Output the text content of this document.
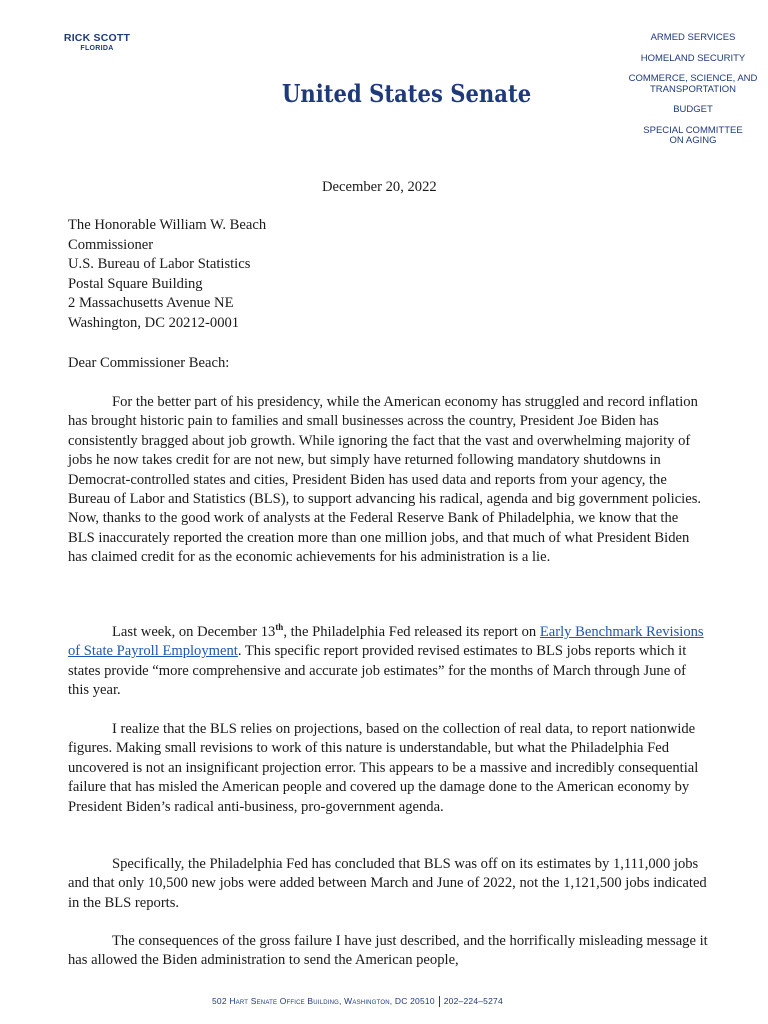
RICK SCOTT
FLORIDA
United States Senate
ARMED SERVICES
HOMELAND SECURITY
COMMERCE, SCIENCE, AND
TRANSPORTATION
BUDGET
SPECIAL COMMITTEE
ON AGING
December 20, 2022
The Honorable William W. Beach
Commissioner
U.S. Bureau of Labor Statistics
Postal Square Building
2 Massachusetts Avenue NE
Washington, DC 20212-0001
Dear Commissioner Beach:
For the better part of his presidency, while the American economy has struggled and record inflation has brought historic pain to families and small businesses across the country, President Joe Biden has consistently bragged about job growth. While ignoring the fact that the vast and overwhelming majority of jobs he now takes credit for are not new, but simply have returned following mandatory shutdowns in Democrat-controlled states and cities, President Biden has used data and reports from your agency, the Bureau of Labor and Statistics (BLS), to support advancing his radical, agenda and big government policies. Now, thanks to the good work of analysts at the Federal Reserve Bank of Philadelphia, we know that the BLS inaccurately reported the creation more than one million jobs, and that much of what President Biden has claimed credit for as the economic achievements for his administration is a lie.
Last week, on December 13th, the Philadelphia Fed released its report on Early Benchmark Revisions of State Payroll Employment. This specific report provided revised estimates to BLS jobs reports which it states provide “more comprehensive and accurate job estimates” for the months of March through June of this year.
I realize that the BLS relies on projections, based on the collection of real data, to report nationwide figures. Making small revisions to work of this nature is understandable, but what the Philadelphia Fed uncovered is not an insignificant projection error. This appears to be a massive and incredibly consequential failure that has misled the American people and covered up the damage done to the American economy by President Biden’s radical anti-business, pro-government agenda.
Specifically, the Philadelphia Fed has concluded that BLS was off on its estimates by 1,111,000 jobs and that only 10,500 new jobs were added between March and June of 2022, not the 1,121,500 jobs indicated in the BLS reports.
The consequences of the gross failure I have just described, and the horrifically misleading message it has allowed the Biden administration to send the American people,
502 Hart Senate Office Building, Washington, DC 20510 202–224–5274
